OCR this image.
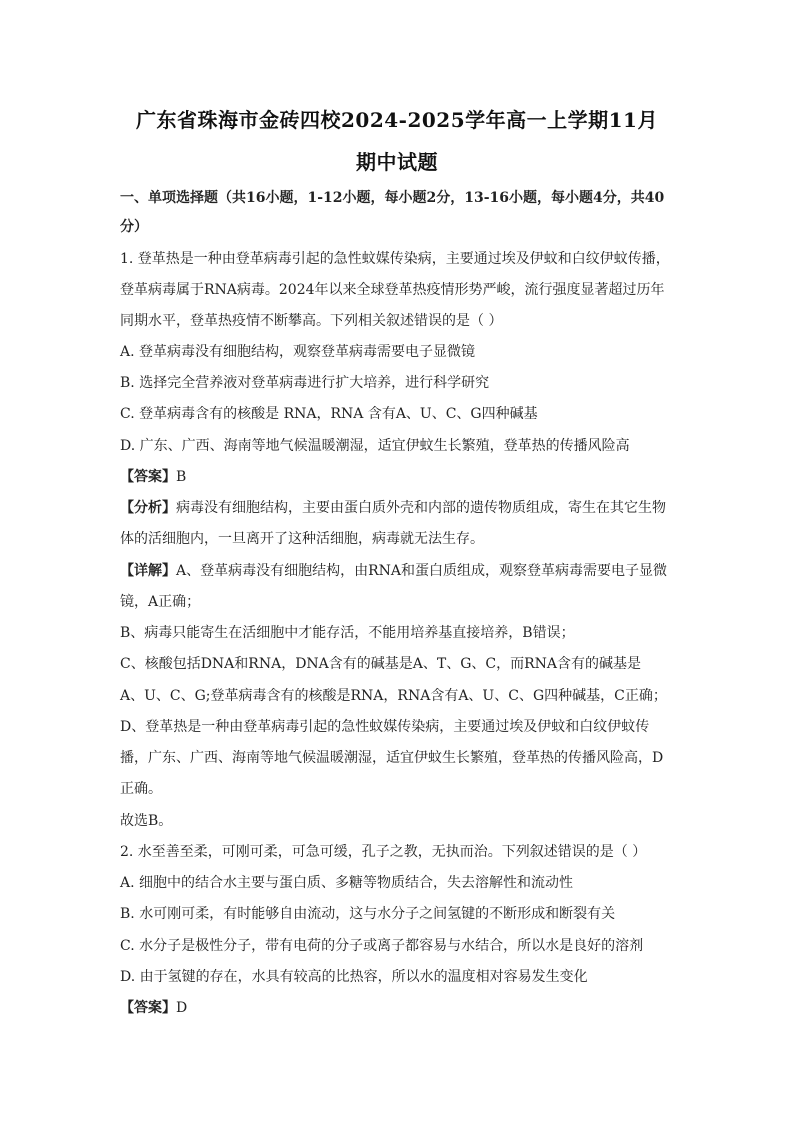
广东省珠海市金砖四校2024-2025学年高一上学期11月
期中试题
一、单项选择题（共16小题，1-12小题，每小题2分，13-16小题，每小题4分，共40
分）
1. 登革热是一种由登革病毒引起的急性蚊媒传染病，主要通过埃及伊蚊和白纹伊蚊传播，
登革病毒属于RNA病毒。2024年以来全球登革热疫情形势严峻，流行强度显著超过历年
同期水平，登革热疫情不断攀高。下列相关叙述错误的是（ ）
A. 登革病毒没有细胞结构，观察登革病毒需要电子显微镜
B. 选择完全营养液对登革病毒进行扩大培养，进行科学研究
C. 登革病毒含有的核酸是 RNA，RNA 含有A、U、C、G四种碱基
D. 广东、广西、海南等地气候温暖潮湿，适宜伊蚊生长繁殖，登革热的传播风险高
【答案】B
【分析】病毒没有细胞结构，主要由蛋白质外壳和内部的遗传物质组成，寄生在其它生物
体的活细胞内，一旦离开了这种活细胞，病毒就无法生存。
【详解】A、登革病毒没有细胞结构，由RNA和蛋白质组成，观察登革病毒需要电子显微
镜，A正确；
B、病毒只能寄生在活细胞中才能存活，不能用培养基直接培养，B错误；
C、核酸包括DNA和RNA，DNA含有的碱基是A、T、G、C，而RNA含有的碱基是
A、U、C、G;登革病毒含有的核酸是RNA，RNA含有A、U、C、G四种碱基，C正确；
D、登革热是一种由登革病毒引起的急性蚊媒传染病，主要通过埃及伊蚊和白纹伊蚊传
播，广东、广西、海南等地气候温暖潮湿，适宜伊蚊生长繁殖，登革热的传播风险高，D
正确。
故选B。
2. 水至善至柔，可刚可柔，可急可缓，孔子之教，无执而治。下列叙述错误的是（ ）
A. 细胞中的结合水主要与蛋白质、多糖等物质结合，失去溶解性和流动性
B. 水可刚可柔，有时能够自由流动，这与水分子之间氢键的不断形成和断裂有关
C. 水分子是极性分子，带有电荷的分子或离子都容易与水结合，所以水是良好的溶剂
D. 由于氢键的存在，水具有较高的比热容，所以水的温度相对容易发生变化
【答案】D
